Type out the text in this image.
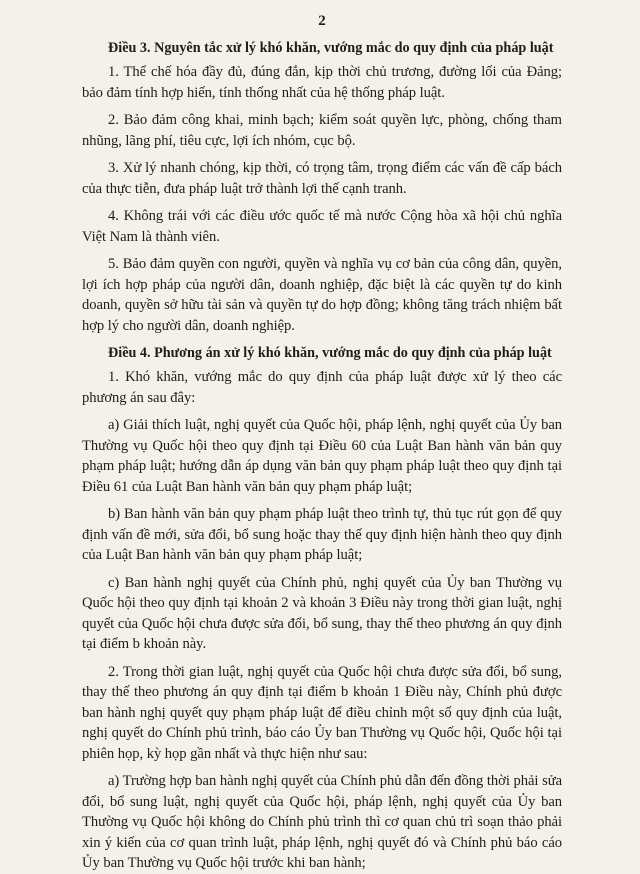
2
Điều 3. Nguyên tắc xử lý khó khăn, vướng mắc do quy định của pháp luật

1. Thể chế hóa đầy đủ, đúng đắn, kịp thời chủ trương, đường lối của Đảng; bảo đảm tính hợp hiến, tính thống nhất của hệ thống pháp luật.

2. Bảo đảm công khai, minh bạch; kiểm soát quyền lực, phòng, chống tham nhũng, lãng phí, tiêu cực, lợi ích nhóm, cục bộ.

3. Xử lý nhanh chóng, kịp thời, có trọng tâm, trọng điểm các vấn đề cấp bách của thực tiễn, đưa pháp luật trở thành lợi thế cạnh tranh.

4. Không trái với các điều ước quốc tế mà nước Cộng hòa xã hội chủ nghĩa Việt Nam là thành viên.

5. Bảo đảm quyền con người, quyền và nghĩa vụ cơ bản của công dân, quyền, lợi ích hợp pháp của người dân, doanh nghiệp, đặc biệt là các quyền tự do kinh doanh, quyền sở hữu tài sản và quyền tự do hợp đồng; không tăng trách nhiệm bất hợp lý cho người dân, doanh nghiệp.

Điều 4. Phương án xử lý khó khăn, vướng mắc do quy định của pháp luật

1. Khó khăn, vướng mắc do quy định của pháp luật được xử lý theo các phương án sau đây:

a) Giải thích luật, nghị quyết của Quốc hội, pháp lệnh, nghị quyết của Ủy ban Thường vụ Quốc hội theo quy định tại Điều 60 của Luật Ban hành văn bản quy phạm pháp luật; hướng dẫn áp dụng văn bản quy phạm pháp luật theo quy định tại Điều 61 của Luật Ban hành văn bản quy phạm pháp luật;

b) Ban hành văn bản quy phạm pháp luật theo trình tự, thủ tục rút gọn để quy định vấn đề mới, sửa đổi, bổ sung hoặc thay thế quy định hiện hành theo quy định của Luật Ban hành văn bản quy phạm pháp luật;

c) Ban hành nghị quyết của Chính phủ, nghị quyết của Ủy ban Thường vụ Quốc hội theo quy định tại khoản 2 và khoản 3 Điều này trong thời gian luật, nghị quyết của Quốc hội chưa được sửa đổi, bổ sung, thay thế theo phương án quy định tại điểm b khoản này.

2. Trong thời gian luật, nghị quyết của Quốc hội chưa được sửa đổi, bổ sung, thay thế theo phương án quy định tại điểm b khoản 1 Điều này, Chính phủ được ban hành nghị quyết quy phạm pháp luật để điều chỉnh một số quy định của luật, nghị quyết do Chính phủ trình, báo cáo Ủy ban Thường vụ Quốc hội, Quốc hội tại phiên họp, kỳ họp gần nhất và thực hiện như sau:

a) Trường hợp ban hành nghị quyết của Chính phủ dẫn đến đồng thời phải sửa đổi, bổ sung luật, nghị quyết của Quốc hội, pháp lệnh, nghị quyết của Ủy ban Thường vụ Quốc hội không do Chính phủ trình thì cơ quan chủ trì soạn thảo phải xin ý kiến của cơ quan trình luật, pháp lệnh, nghị quyết đó và Chính phủ báo cáo Ủy ban Thường vụ Quốc hội trước khi ban hành;
